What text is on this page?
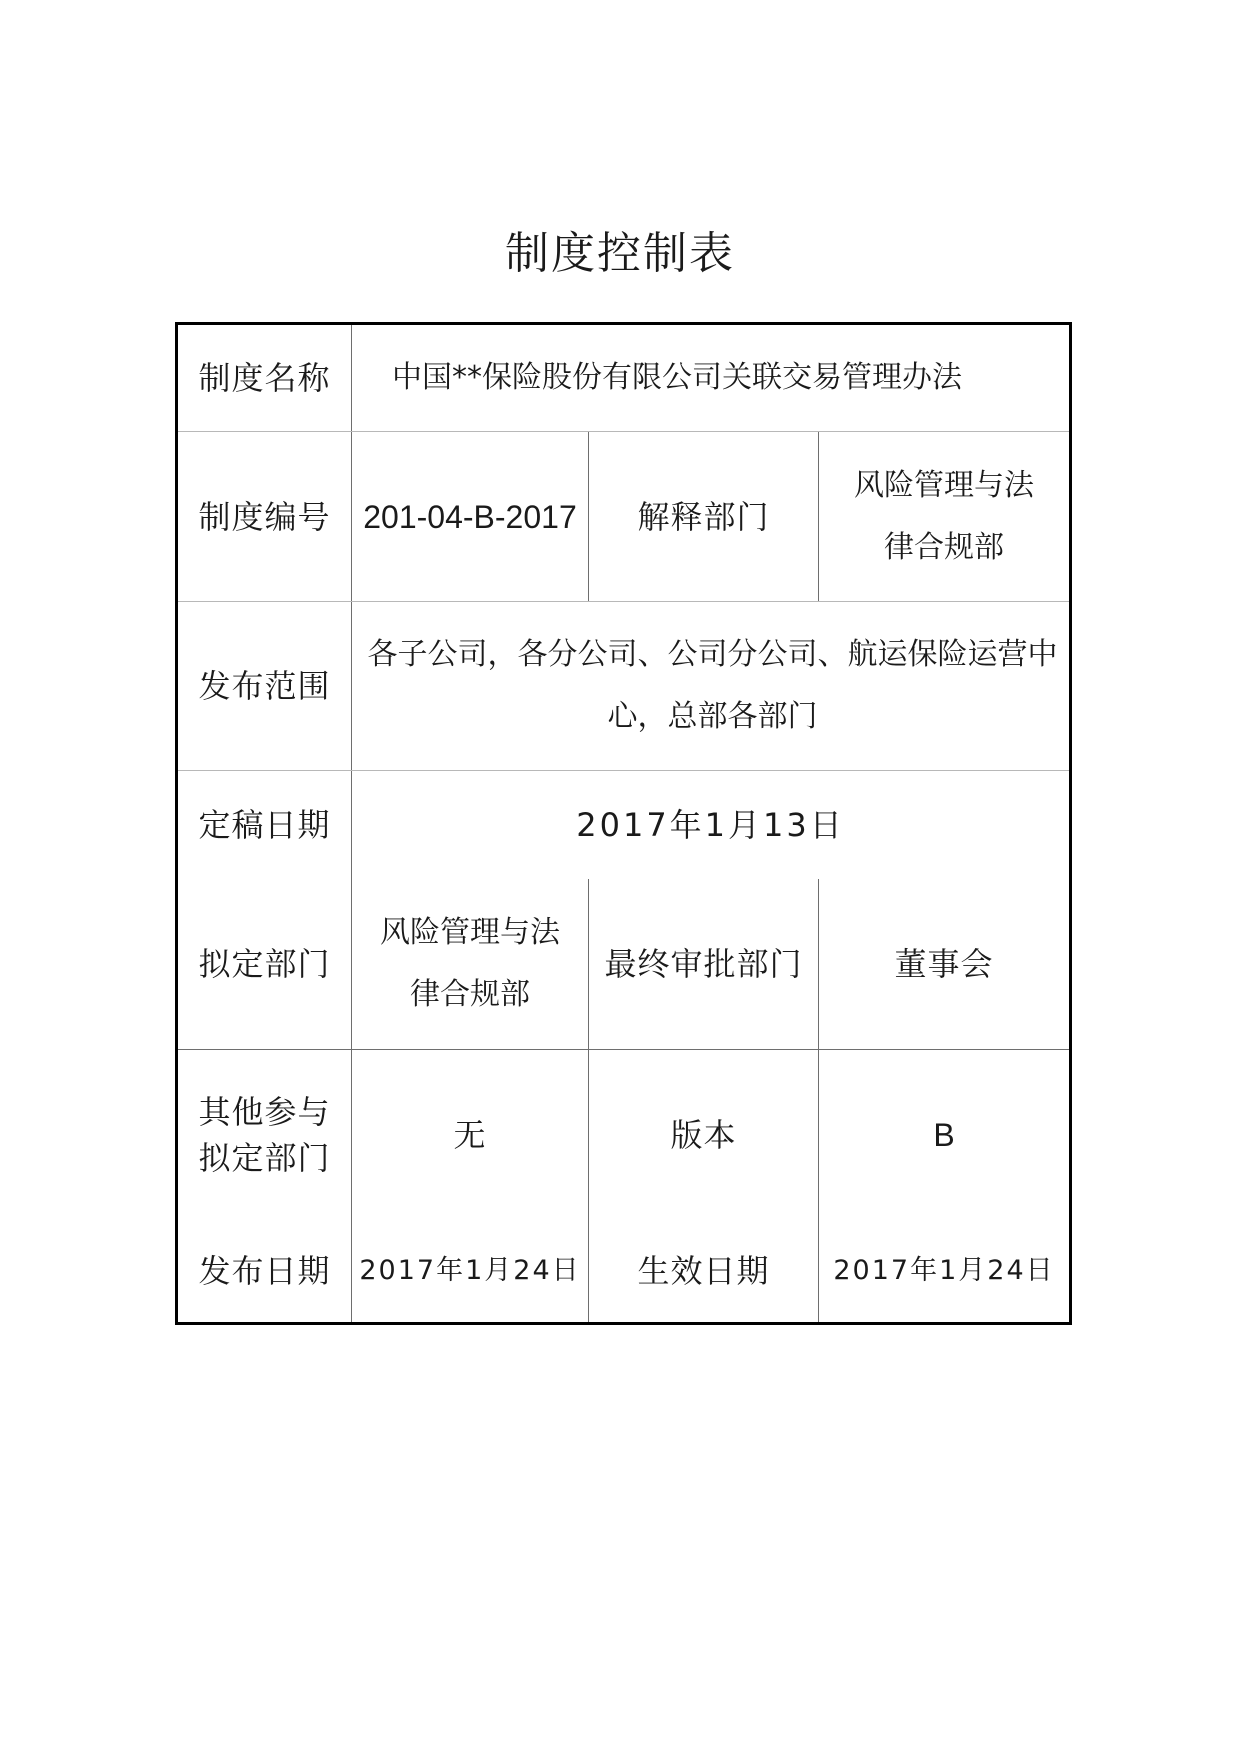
制度控制表
制度名称	中国**保险股份有限公司关联交易管理办法		
制度编号	201-04-B-2017	解释部门	风险管理与法律合规部
发布范围	各子公司，各分公司、公司分公司、航运保险运营中心，总部各部门		
定稿日期	2017年1月13日		
拟定部门	风险管理与法律合规部	最终审批部门	董事会
其他参与拟定部门	无	版本	B
发布日期	2017年1月24日	生效日期	2017年1月24日
